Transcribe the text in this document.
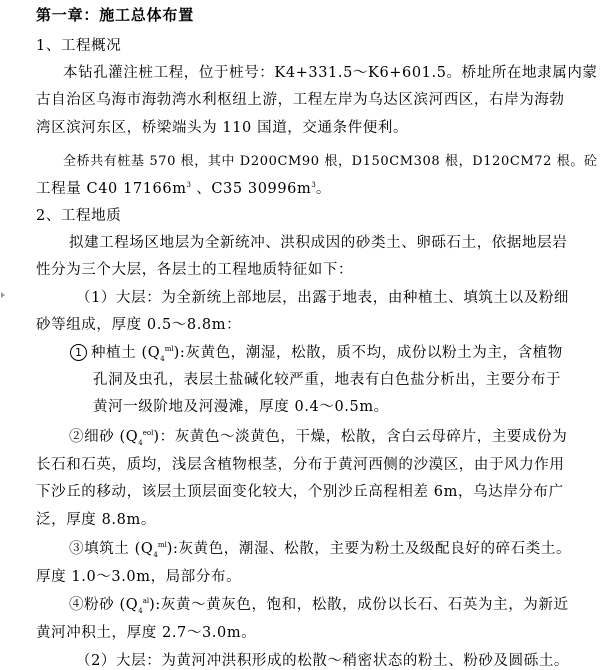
第一章：施工总体布置
1、工程概况
本钻孔灌注桩工程，位于桩号：K4+331.5～K6+601.5。桥址所在地隶属内蒙
古自治区乌海市海勃湾水利枢纽上游，工程左岸为乌达区滨河西区，右岸为海勃
湾区滨河东区，桥梁端头为 110 国道，交通条件便利。
全桥共有桩基 570 根，其中 D200CM90 根，D150CM308 根，D120CM72 根。砼
工程量 C40 $17166m^3$ 、C35 $30996m^3$。
2、工程地质
拟建工程场区地层为全新统冲、洪积成因的砂类土、卵砾石土，依据地层岩
性分为三个大层，各层土的工程地质特征如下：
（1）大层：为全新统上部地层，出露于地表，由种植土、填筑土以及粉细
砂等组成，厚度 0.5～8.8m：
1 种植土 $(Q_4^{ml})$:灰黄色，潮湿，松散，质不均，成份以粉土为主，含植物
孔洞及虫孔，表层土盐碱化较严重，地表有白色盐分析出，主要分布于
黄河一级阶地及河漫滩，厚度 0.4～0.5m。
②细砂 $(Q_4^{eol})$：灰黄色～淡黄色，干燥，松散，含白云母碎片，主要成份为
长石和石英，质均，浅层含植物根茎，分布于黄河西侧的沙漠区，由于风力作用
下沙丘的移动，该层土顶层面变化较大，个别沙丘高程相差 6m，乌达岸分布广
泛，厚度 8.8m。
③填筑土 $(Q_4^{ml})$:灰黄色，潮湿、松散，主要为粉土及级配良好的碎石类土。
厚度 1.0～3.0m，局部分布。
④粉砂 $(Q_4^{al})$:灰黄～黄灰色，饱和，松散，成份以长石、石英为主，为新近
黄河冲积土，厚度 2.7～3.0m。
（2）大层：为黄河冲洪积形成的松散～稍密状态的粉土、粉砂及圆砾土。
